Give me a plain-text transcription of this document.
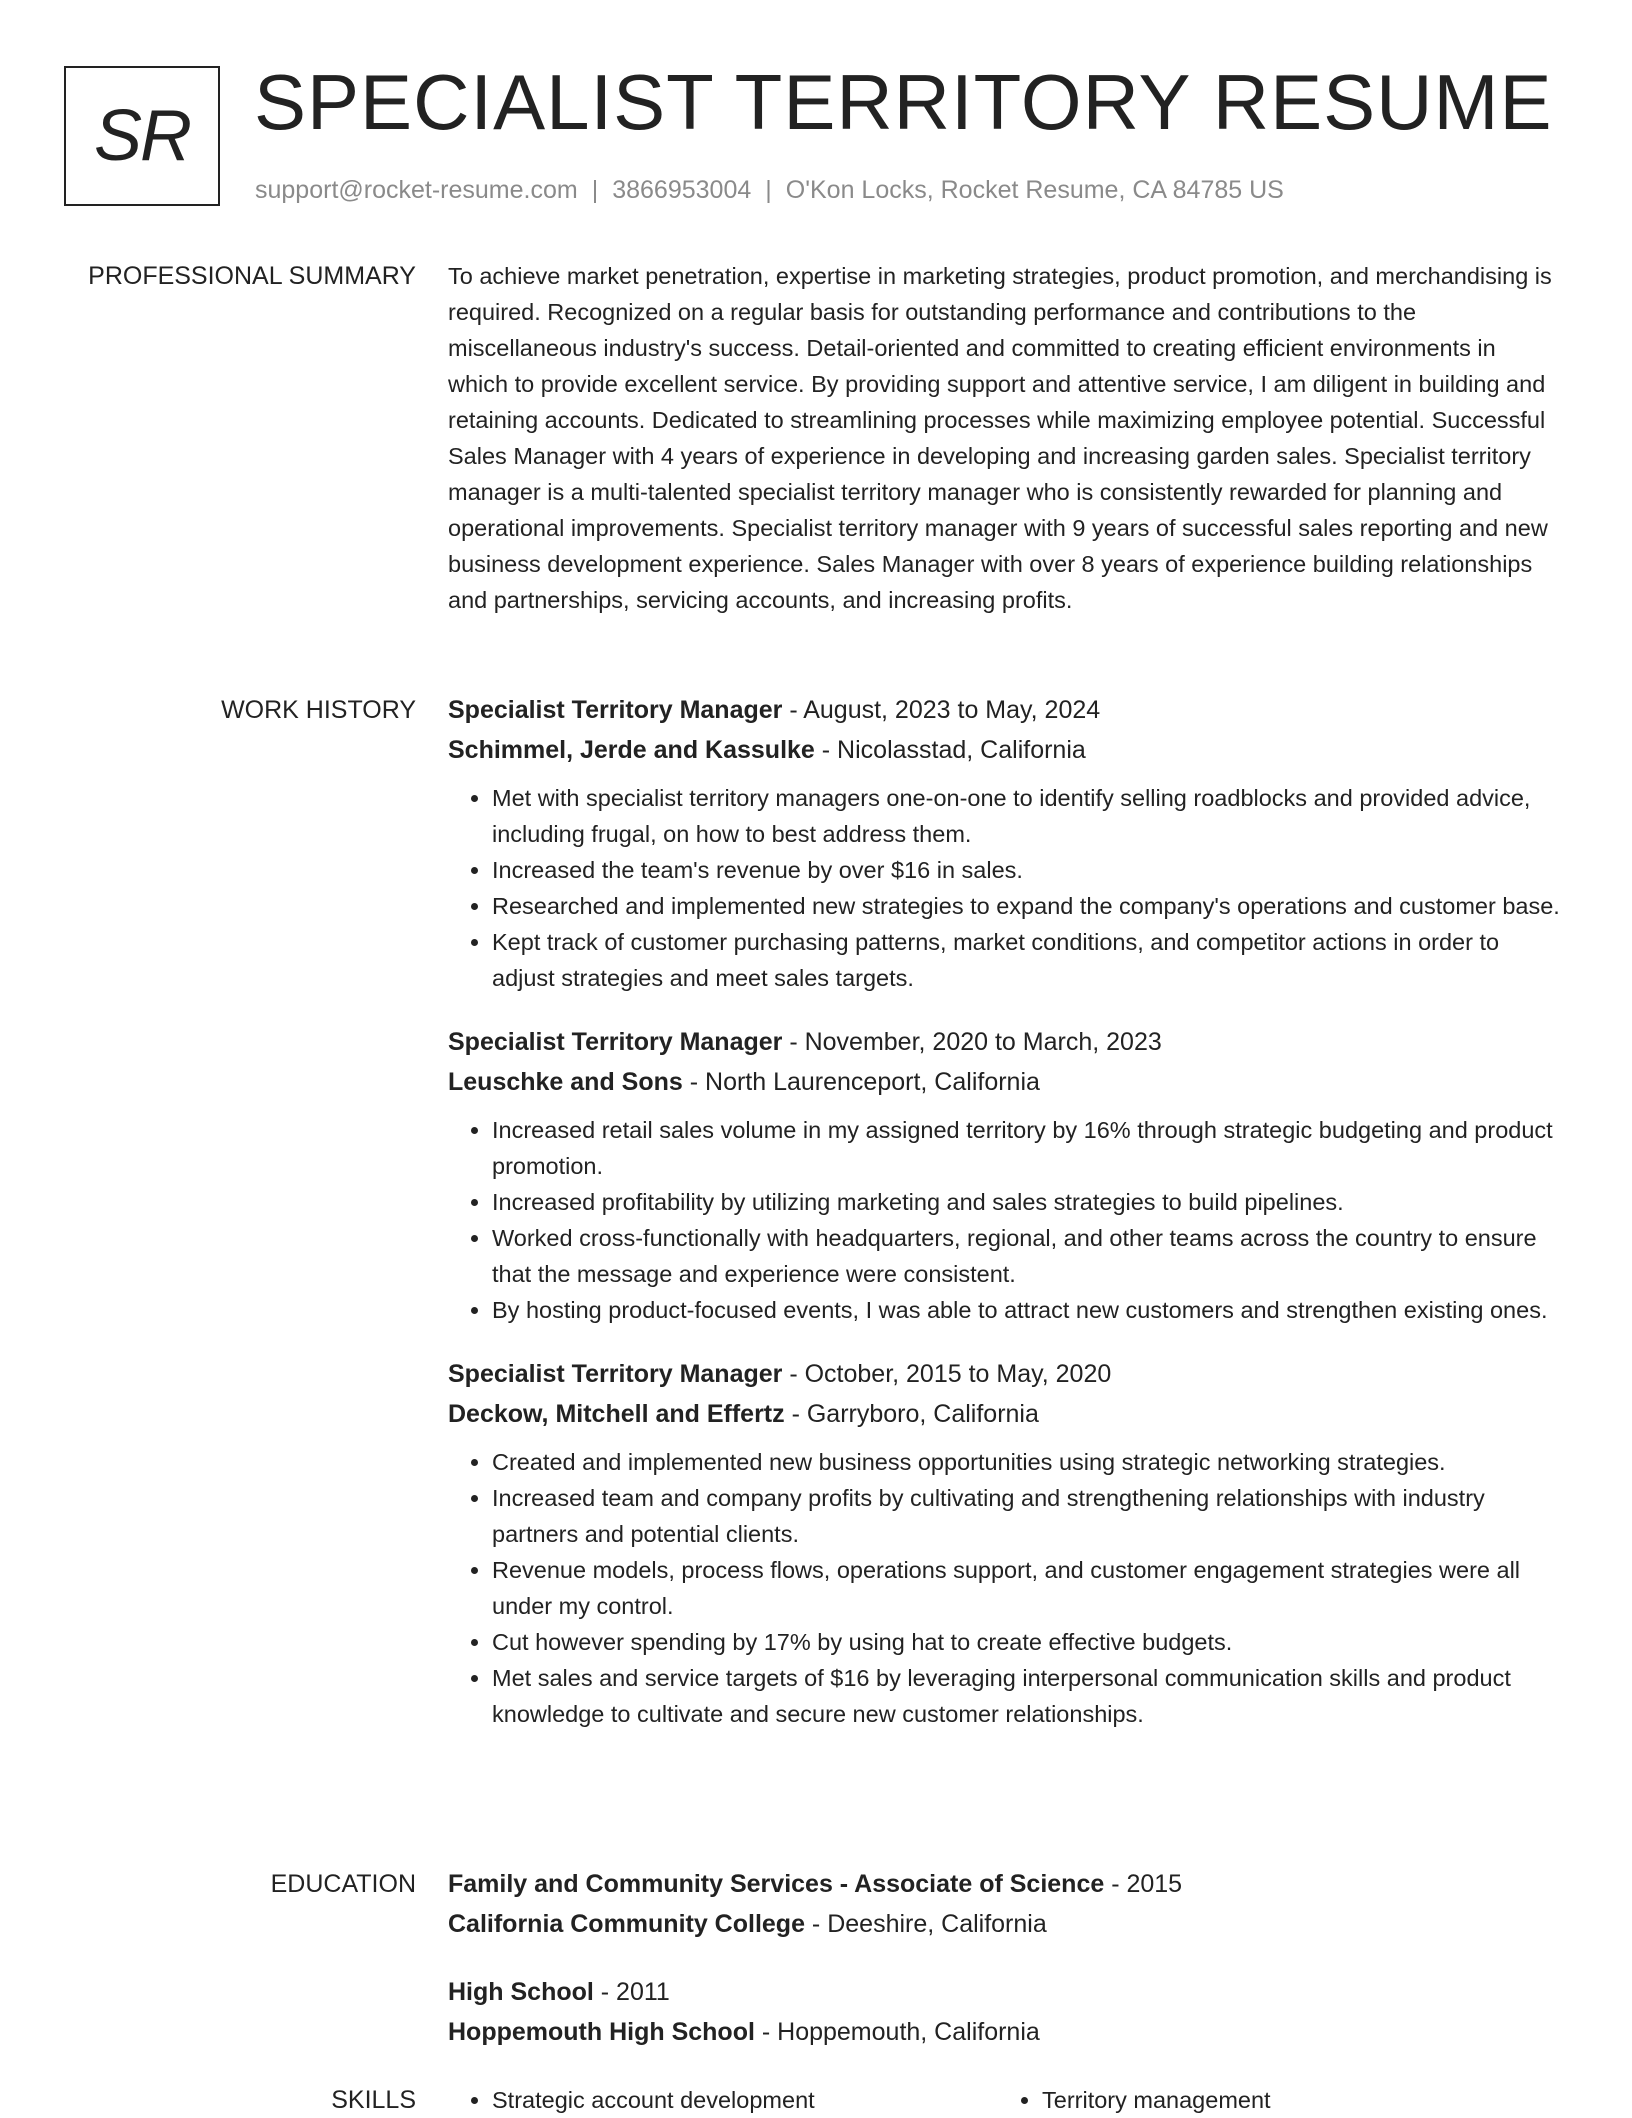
SR SPECIALIST TERRITORY RESUME
support@rocket-resume.com | 3866953004 | O'Kon Locks, Rocket Resume, CA 84785 US
PROFESSIONAL SUMMARY To achieve market penetration, expertise in marketing strategies, product promotion, and merchandising is required. Recognized on a regular basis for outstanding performance and contributions to the miscellaneous industry's success. Detail-oriented and committed to creating efficient environments in which to provide excellent service. By providing support and attentive service, I am diligent in building and retaining accounts. Dedicated to streamlining processes while maximizing employee potential. Successful Sales Manager with 4 years of experience in developing and increasing garden sales. Specialist territory manager is a multi-talented specialist territory manager who is consistently rewarded for planning and operational improvements. Specialist territory manager with 9 years of successful sales reporting and new business development experience. Sales Manager with over 8 years of experience building relationships and partnerships, servicing accounts, and increasing profits.

WORK HISTORY Specialist Territory Manager - August, 2023 to May, 2024
Schimmel, Jerde and Kassulke - Nicolasstad, California
• Met with specialist territory managers one-on-one to identify selling roadblocks and provided advice, including frugal, on how to best address them.
• Increased the team's revenue by over $16 in sales.
• Researched and implemented new strategies to expand the company's operations and customer base.
• Kept track of customer purchasing patterns, market conditions, and competitor actions in order to adjust strategies and meet sales targets.
Specialist Territory Manager - November, 2020 to March, 2023
Leuschke and Sons - North Laurenceport, California
• Increased retail sales volume in my assigned territory by 16% through strategic budgeting and product promotion.
• Increased profitability by utilizing marketing and sales strategies to build pipelines.
• Worked cross-functionally with headquarters, regional, and other teams across the country to ensure that the message and experience were consistent.
• By hosting product-focused events, I was able to attract new customers and strengthen existing ones.
Specialist Territory Manager - October, 2015 to May, 2020
Deckow, Mitchell and Effertz - Garryboro, California
• Created and implemented new business opportunities using strategic networking strategies.
• Increased team and company profits by cultivating and strengthening relationships with industry partners and potential clients.
• Revenue models, process flows, operations support, and customer engagement strategies were all under my control.
• Cut however spending by 17% by using hat to create effective budgets.
• Met sales and service targets of $16 by leveraging interpersonal communication skills and product knowledge to cultivate and secure new customer relationships.
EDUCATION Family and Community Services - Associate of Science - 2015
California Community College - Deeshire, California
High School - 2011
Hoppemouth High School - Hoppemouth, California
SKILLS	• Strategic account development	• Territory management
